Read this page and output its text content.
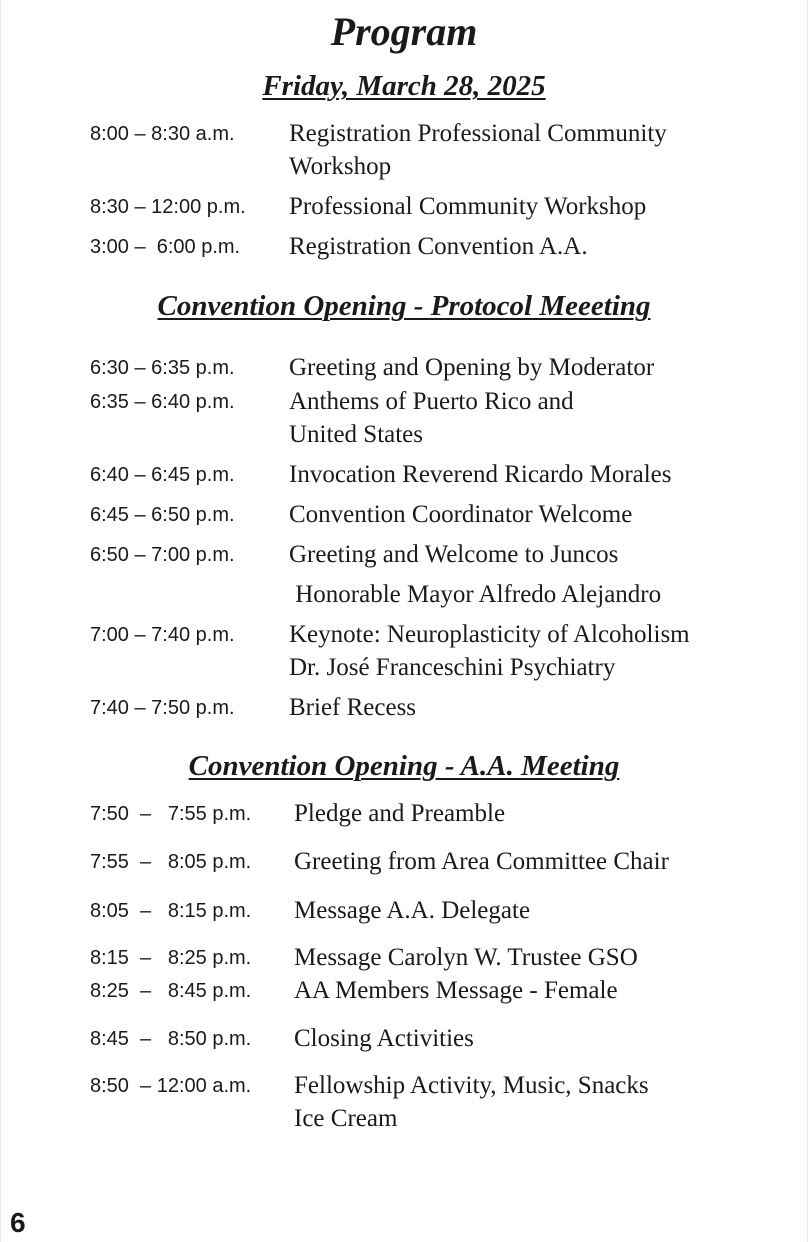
Program
Friday, March 28, 2025
8:00 – 8:30 a.m. Registration Professional Community
Workshop
8:30 – 12:00 p.m. Professional Community Workshop
3:00 –  6:00 p.m. Registration Convention A.A.
Convention Opening - Protocol Meeeting
6:30 – 6:35 p.m. Greeting and Opening by Moderator
6:35 – 6:40 p.m. Anthems of Puerto Rico and
United States
6:40 – 6:45 p.m. Invocation Reverend Ricardo Morales
6:45 – 6:50 p.m. Convention Coordinator Welcome
6:50 – 7:00 p.m. Greeting and Welcome to Juncos
Honorable Mayor Alfredo Alejandro
7:00 – 7:40 p.m. Keynote: Neuroplasticity of Alcoholism
Dr. José Franceschini Psychiatry
7:40 – 7:50 p.m. Brief Recess
Convention Opening - A.A. Meeting
7:50  –   7:55 p.m. Pledge and Preamble
7:55  –   8:05 p.m. Greeting from Area Committee Chair
8:05  –   8:15 p.m. Message A.A. Delegate
8:15  –   8:25 p.m. Message Carolyn W. Trustee GSO
8:25  –   8:45 p.m. AA Members Message - Female
8:45  –   8:50 p.m. Closing Activities
8:50  – 12:00 a.m. Fellowship Activity, Music, Snacks
Ice Cream
6
